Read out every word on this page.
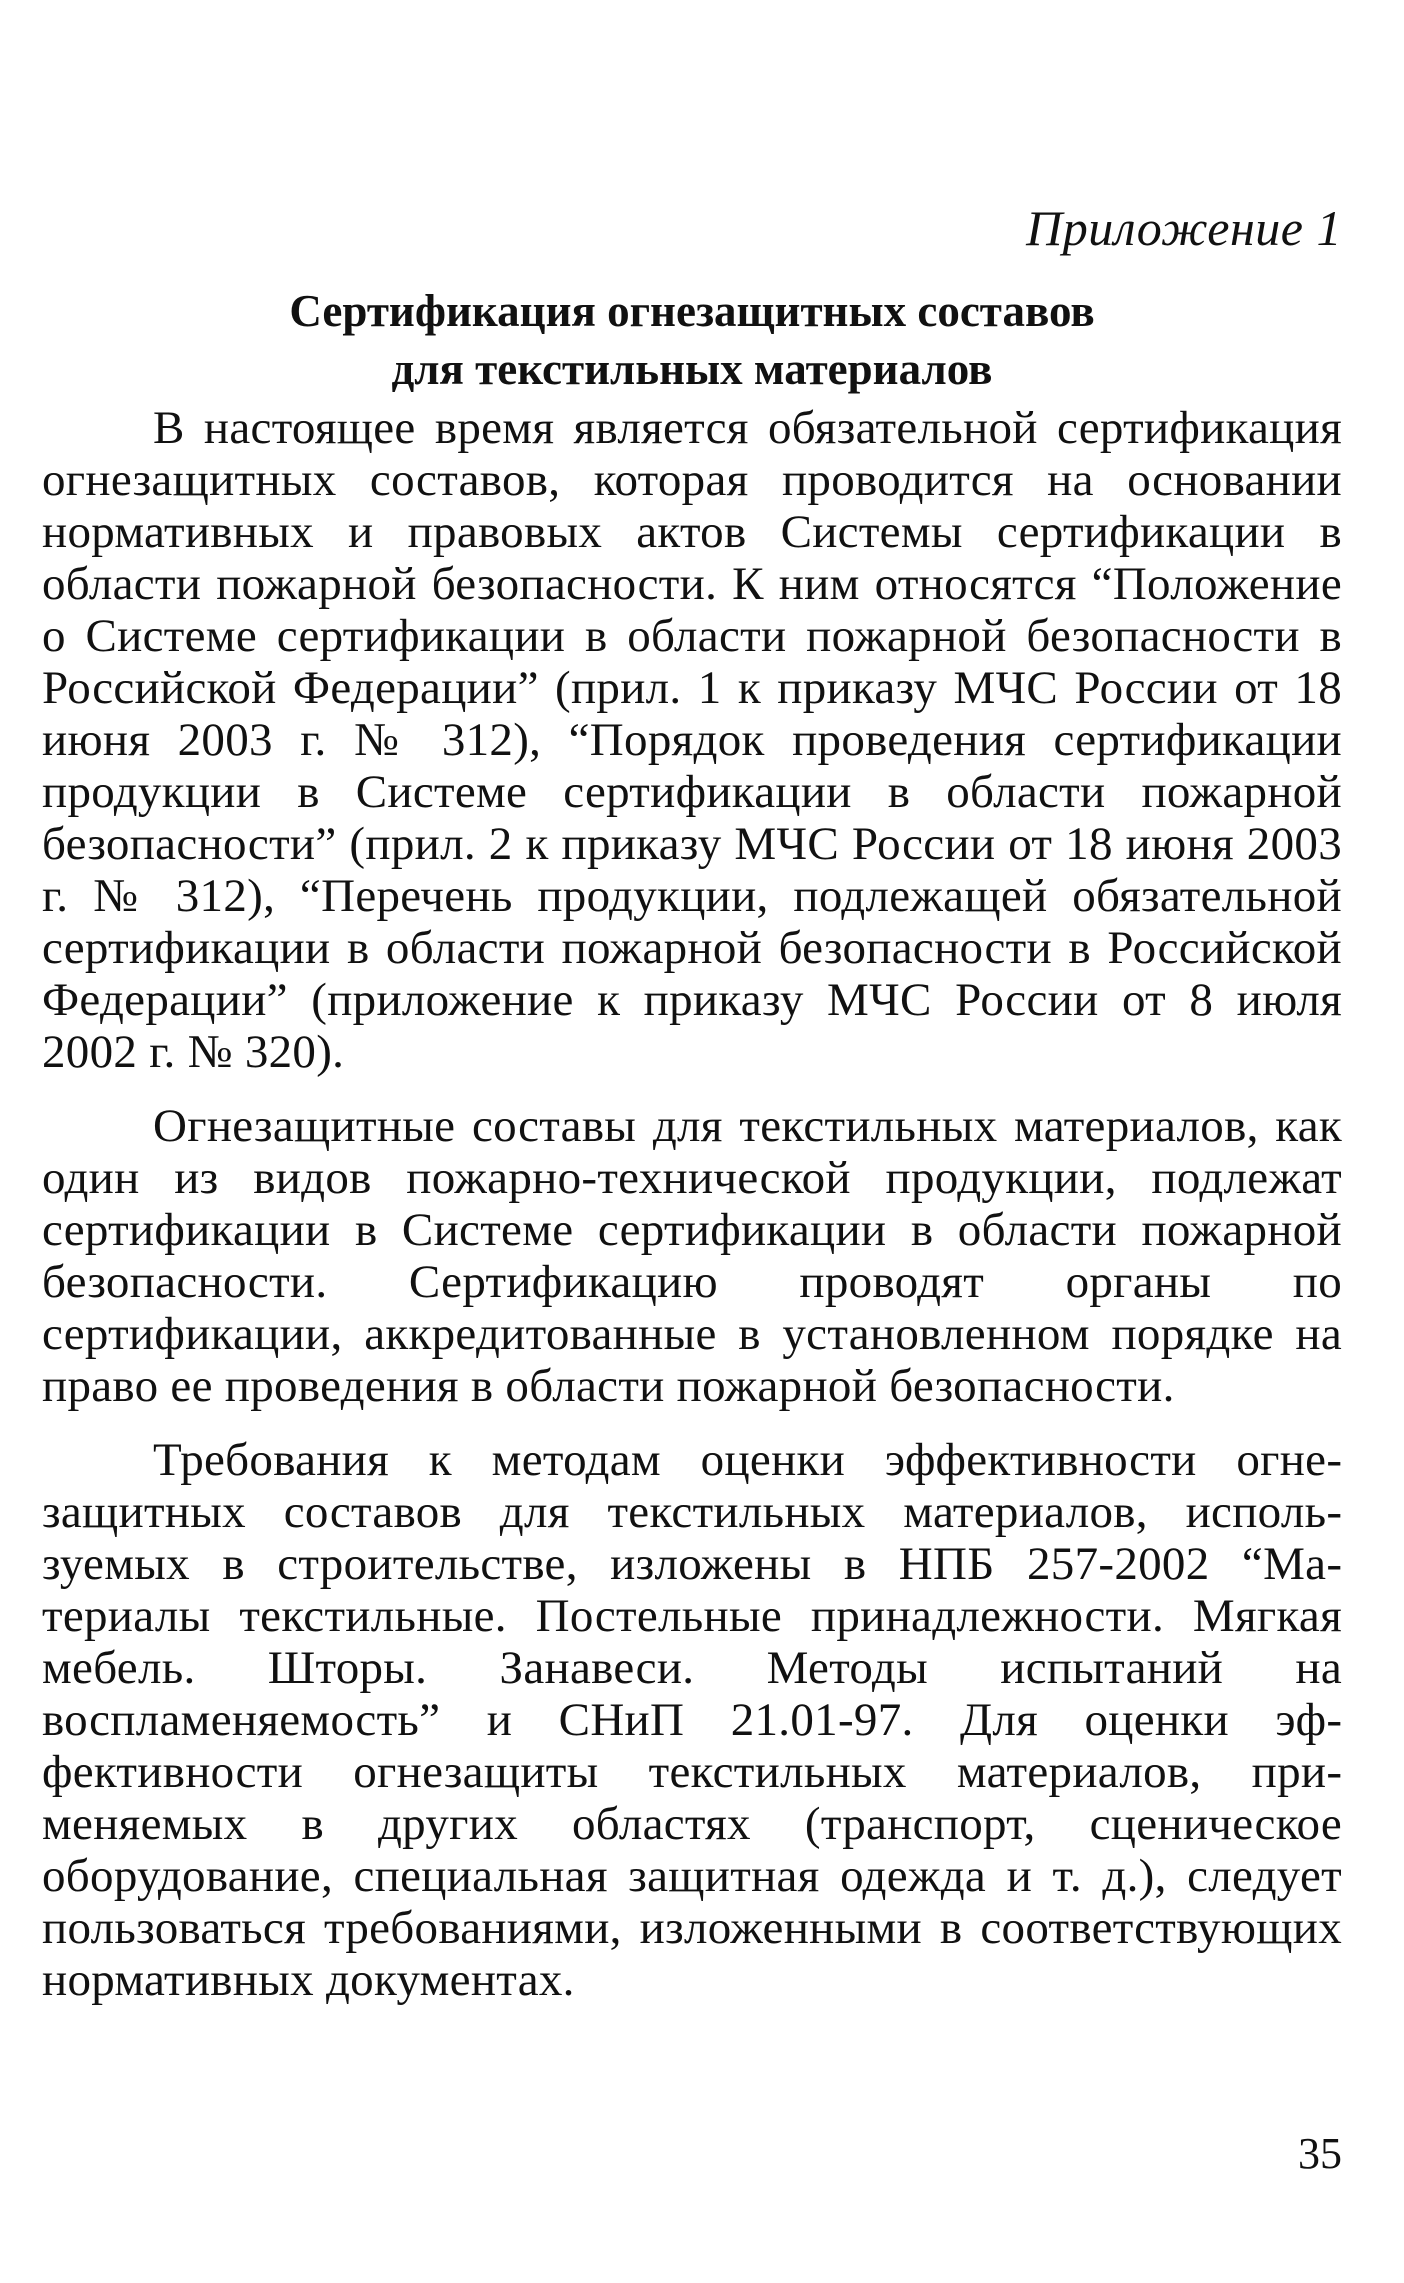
Приложение 1
Сертификация огнезащитных составов
для текстильных материалов

В настоящее время является обязательной сертификация огнезащитных составов, которая проводится на основании нормативных и правовых актов Системы сертификации в области пожарной безопасности. К ним относятся “Положение о Системе сертификации в области пожарной безопасности в Российской Федерации” (прил. 1 к приказу МЧС России от 18 июня 2003 г. № 312), “Порядок проведения сертификации продукции в Системе сертификации в области пожарной безопасности” (прил. 2 к приказу МЧС России от 18 июня 2003 г. № 312), “Перечень продукции, подлежащей обязательной сертификации в области пожарной безопасности в Российской Федерации” (приложение к приказу МЧС России от 8 июля 2002 г. № 320).

Огнезащитные составы для текстильных материалов, как один из видов пожарно-технической продукции, подлежат сертификации в Системе сертификации в области пожарной безопасности. Сертификацию проводят органы по сертификации, аккредитованные в установленном порядке на право ее проведения в области пожарной безопасности.

Требования к методам оценки эффективности огнезащитных составов для текстильных материалов, используемых в строительстве, изложены в НПБ 257-2002 “Материалы текстильные. Постельные принадлежности. Мягкая мебель. Шторы. Занавеси. Методы испытаний на воспламеняемость” и СНиП 21.01-97. Для оценки эффективности огнезащиты текстильных материалов, применяемых в других областях (транспорт, сценическое оборудование, специальная защитная одежда и т. д.), следует пользоваться требованиями, изложенными в соответствующих нормативных документах.

35
